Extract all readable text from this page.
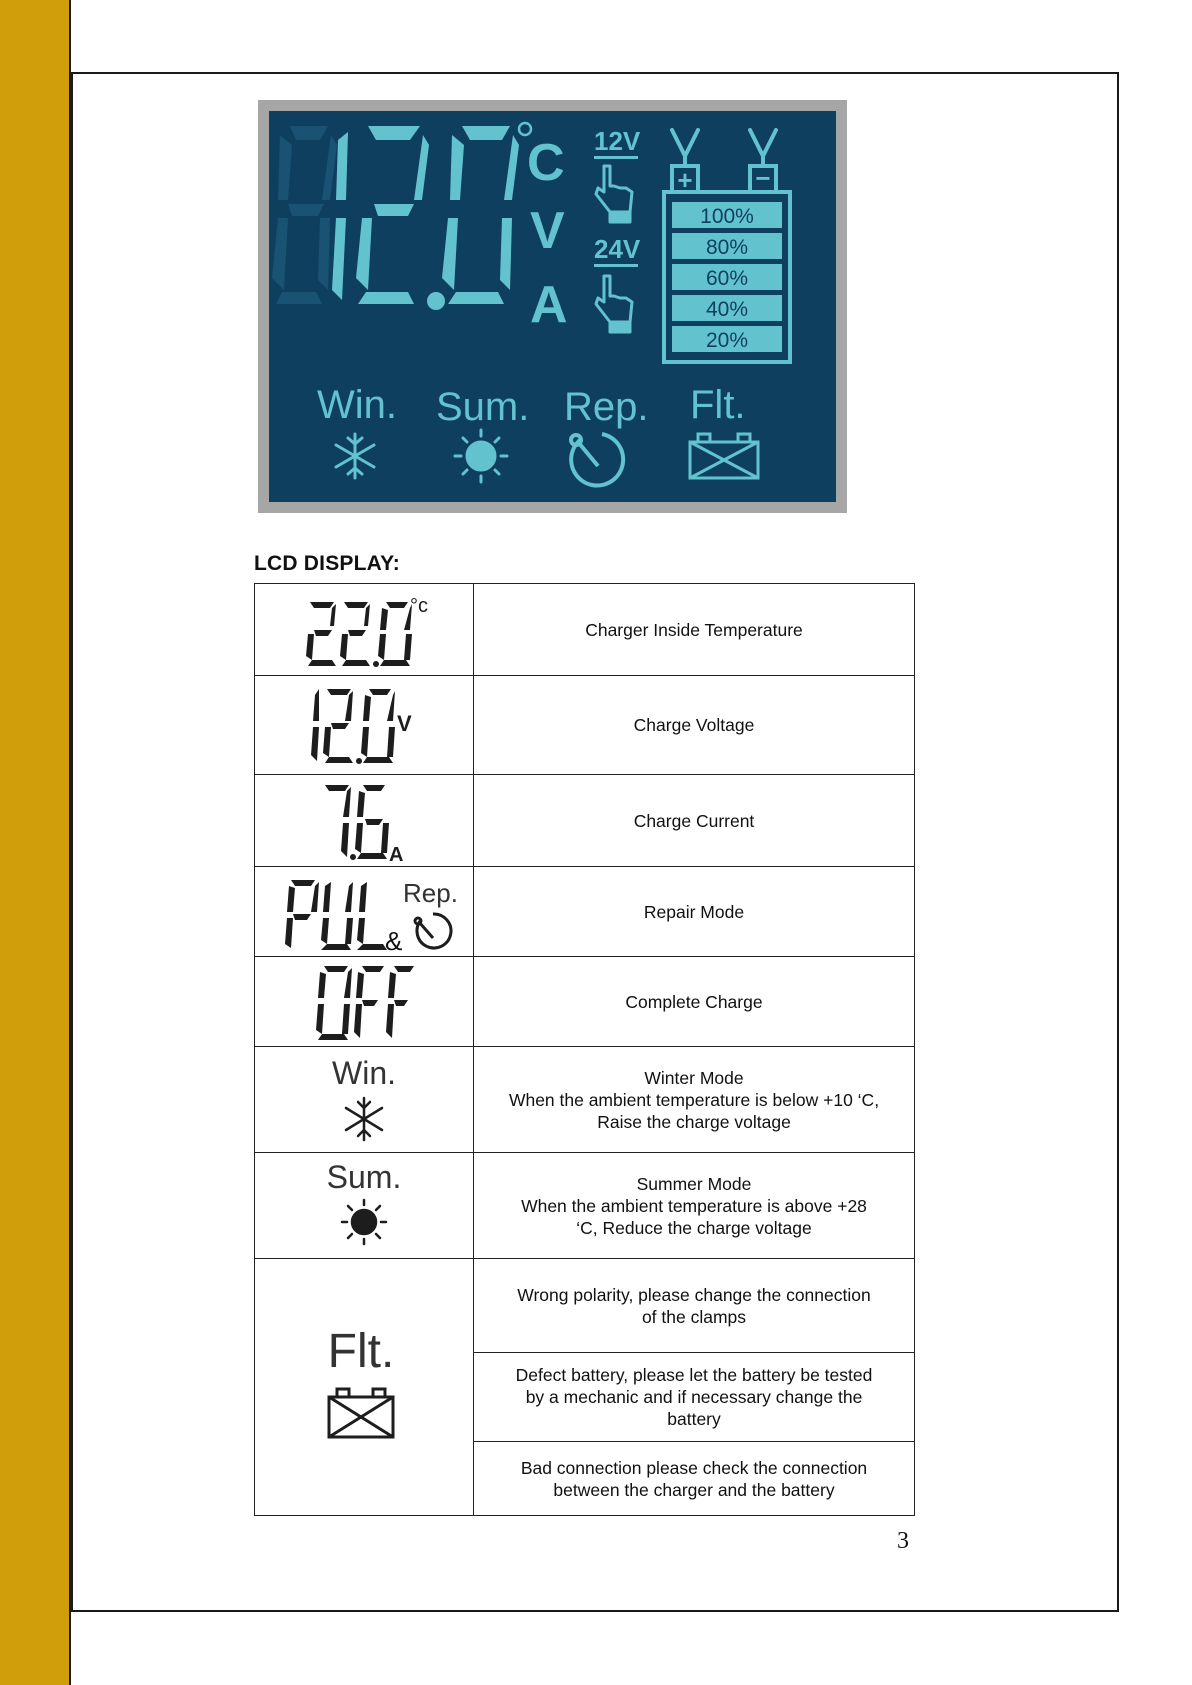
C
V
A
12V
24V
+ −
100%
80%
60%
40%
20%
Win. Sum. Rep. Flt.
LCD DISPLAY:
°c	Charger Inside Temperature

V	Charge Voltage

A	Charge Current

&
Rep.	Repair Mode

	Complete Charge

Win.	Winter Mode
When the ambient temperature is below +10 ‘C,
Raise the charge voltage

Sum.	Summer Mode
When the ambient temperature is above +28
‘C, Reduce the charge voltage

Flt.	Wrong polarity, please change the connection
of the clamps

	Defect battery, please let the battery be tested
by a mechanic and if necessary change the
battery

	Bad connection please check the connection
between the charger and the battery
3
